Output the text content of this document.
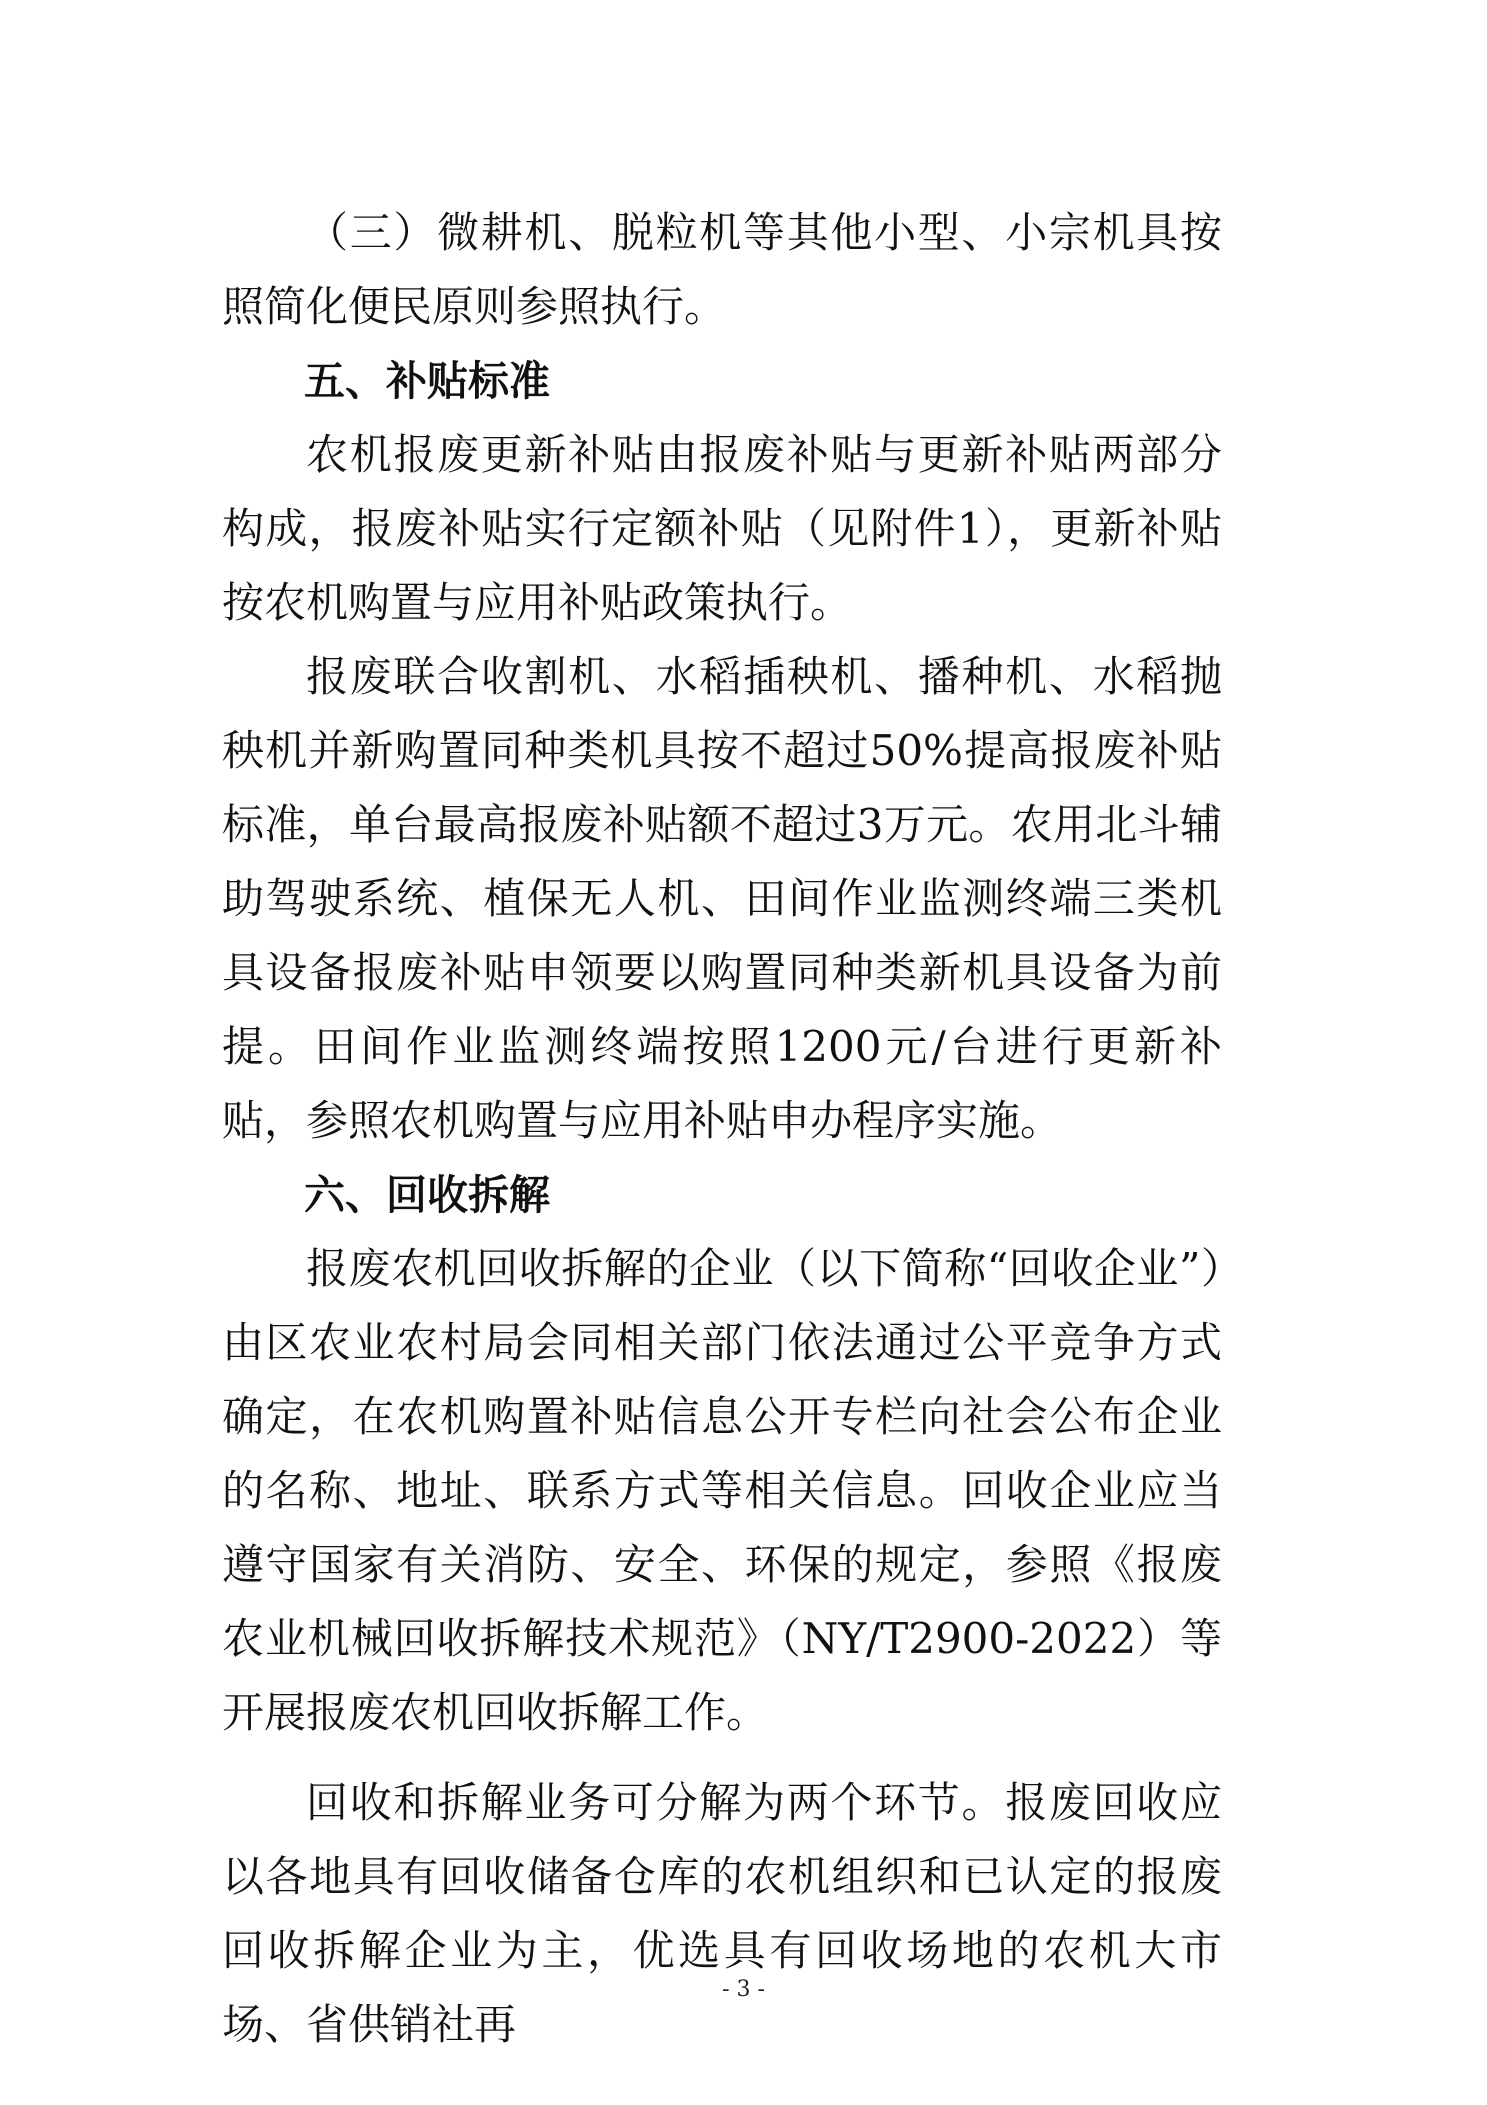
（三）微耕机、脱粒机等其他小型、小宗机具按照简化便民原则参照执行。

五、补贴标准

农机报废更新补贴由报废补贴与更新补贴两部分构成，报废补贴实行定额补贴（见附件1），更新补贴按农机购置与应用补贴政策执行。

报废联合收割机、水稻插秧机、播种机、水稻抛秧机并新购置同种类机具按不超过50%提高报废补贴标准，单台最高报废补贴额不超过3万元。农用北斗辅助驾驶系统、植保无人机、田间作业监测终端三类机具设备报废补贴申领要以购置同种类新机具设备为前提。田间作业监测终端按照1200元/台进行更新补贴，参照农机购置与应用补贴申办程序实施。

六、回收拆解

报废农机回收拆解的企业（以下简称“回收企业”）由区农业农村局会同相关部门依法通过公平竞争方式确定，在农机购置补贴信息公开专栏向社会公布企业的名称、地址、联系方式等相关信息。回收企业应当遵守国家有关消防、安全、环保的规定，参照《报废农业机械回收拆解技术规范》（NY/T2900-2022）等开展报废农机回收拆解工作。

回收和拆解业务可分解为两个环节。报废回收应以各地具有回收储备仓库的农机组织和已认定的报废回收拆解企业为主，优选具有回收场地的农机大市场、省供销社再

- 3 -
